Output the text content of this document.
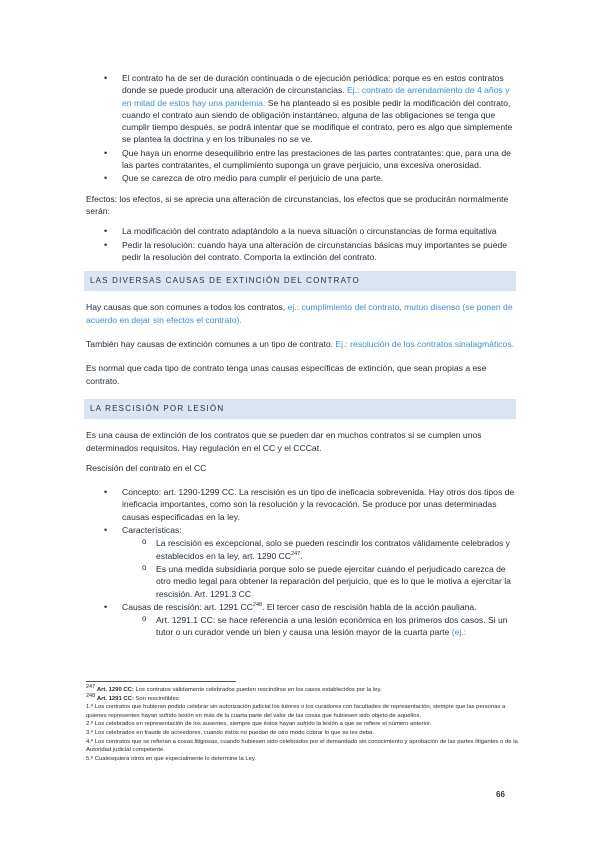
• El contrato ha de ser de duración continuada o de ejecución periódica: porque es en estos contratos donde se puede producir una alteración de circunstancias. Ej.: contrato de arrendamiento de 4 años y en mitad de estos hay una pandemia. Se ha planteado si es posible pedir la modificación del contrato, cuando el contrato aun siendo de obligación instantáneo, alguna de las obligaciones se tenga que cumplir tiempo después, se podrá intentar que se modifique el contrato, pero es algo que simplemente se plantea la doctrina y en los tribunales no se ve.
• Que haya un enorme desequilibrio entre las prestaciones de las partes contratantes: que, para una de las partes contratantes, el cumplimiento suponga un grave perjuicio, una excesiva onerosidad.
• Que se carezca de otro medio para cumplir el perjuicio de una parte.

Efectos: los efectos, si se aprecia una alteración de circunstancias, los efectos que se producirán normalmente serán:

• La modificación del contrato adaptándolo a la nueva situación o circunstancias de forma equitativa
• Pedir la resolución: cuando haya una alteración de circunstancias básicas muy importantes se puede pedir la resolución del contrato. Comporta la extinción del contrato.
LAS DIVERSAS CAUSAS DE EXTINCIÓN DEL CONTRATO

Hay causas que son comunes a todos los contratos, ej.: cumplimiento del contrato, mutuo disenso (se ponen de acuerdo en dejar sin efectos el contrato).

También hay causas de extinción comunes a un tipo de contrato. Ej.: resolución de los contratos sinalagmáticos.

Es normal que cada tipo de contrato tenga unas causas específicas de extinción, que sean propias a ese contrato.

LA RESCISIÓN POR LESIÓN

Es una causa de extinción de los contratos que se pueden dar en muchos contratos si se cumplen unos determinados requisitos. Hay regulación en el CC y el CCCat.

Rescisión del contrato en el CC

• Concepto: art. 1290-1299 CC. La rescisión es un tipo de ineficacia sobrevenida. Hay otros dos tipos de ineficacia importantes, como son la resolución y la revocación. Se produce por unas determinadas causas especificadas en la ley.
• Características:
o La rescisión es excepcional, solo se pueden rescindir los contratos válidamente celebrados y establecidos en la ley, art. 1290 CC$^{247}$.
o Es una medida subsidiaria porque solo se puede ejercitar cuando el perjudicado carezca de otro medio legal para obtener la reparación del perjuicio, que es lo que le motiva a ejercitar la rescisión. Art. 1291.3 CC
• Causas de rescisión: art. 1291 CC$^{248}$. El tercer caso de rescisión habla de la acción pauliana.
o Art. 1291.1 CC: se hace referencia a una lesión económica en los primeros dos casos. Si un tutor o un curador vende un bien y causa una lesión mayor de la cuarta parte (ej.:
$^{247}$ Art. 1290 CC: Los contratos válidamente celebrados pueden rescindirse en los casos establecidos por la ley.
$^{248}$ Art. 1291 CC: Son rescindibles:
1.º Los contratos que hubieran podido celebrar sin autorización judicial los tutores o los curadores con facultades de representación, siempre que las personas a quienes representen hayan sufrido lesión en más de la cuarta parte del valor de las cosas que hubiesen sido objeto de aquéllos.
2.º Los celebrados en representación de los ausentes, siempre que éstos hayan sufrido la lesión a que se refiere el número anterior.
3.º Los celebrados en fraude de acreedores, cuando éstos no puedan de otro modo cobrar lo que se les deba.
4.º Los contratos que se refieran a cosas litigiosas, cuando hubiesen sido celebrados por el demandado sin conocimiento y aprobación de las partes litigantes o de la Autoridad judicial competente.
5.º Cualesquiera otros en que especialmente lo determine la Ley.
66
